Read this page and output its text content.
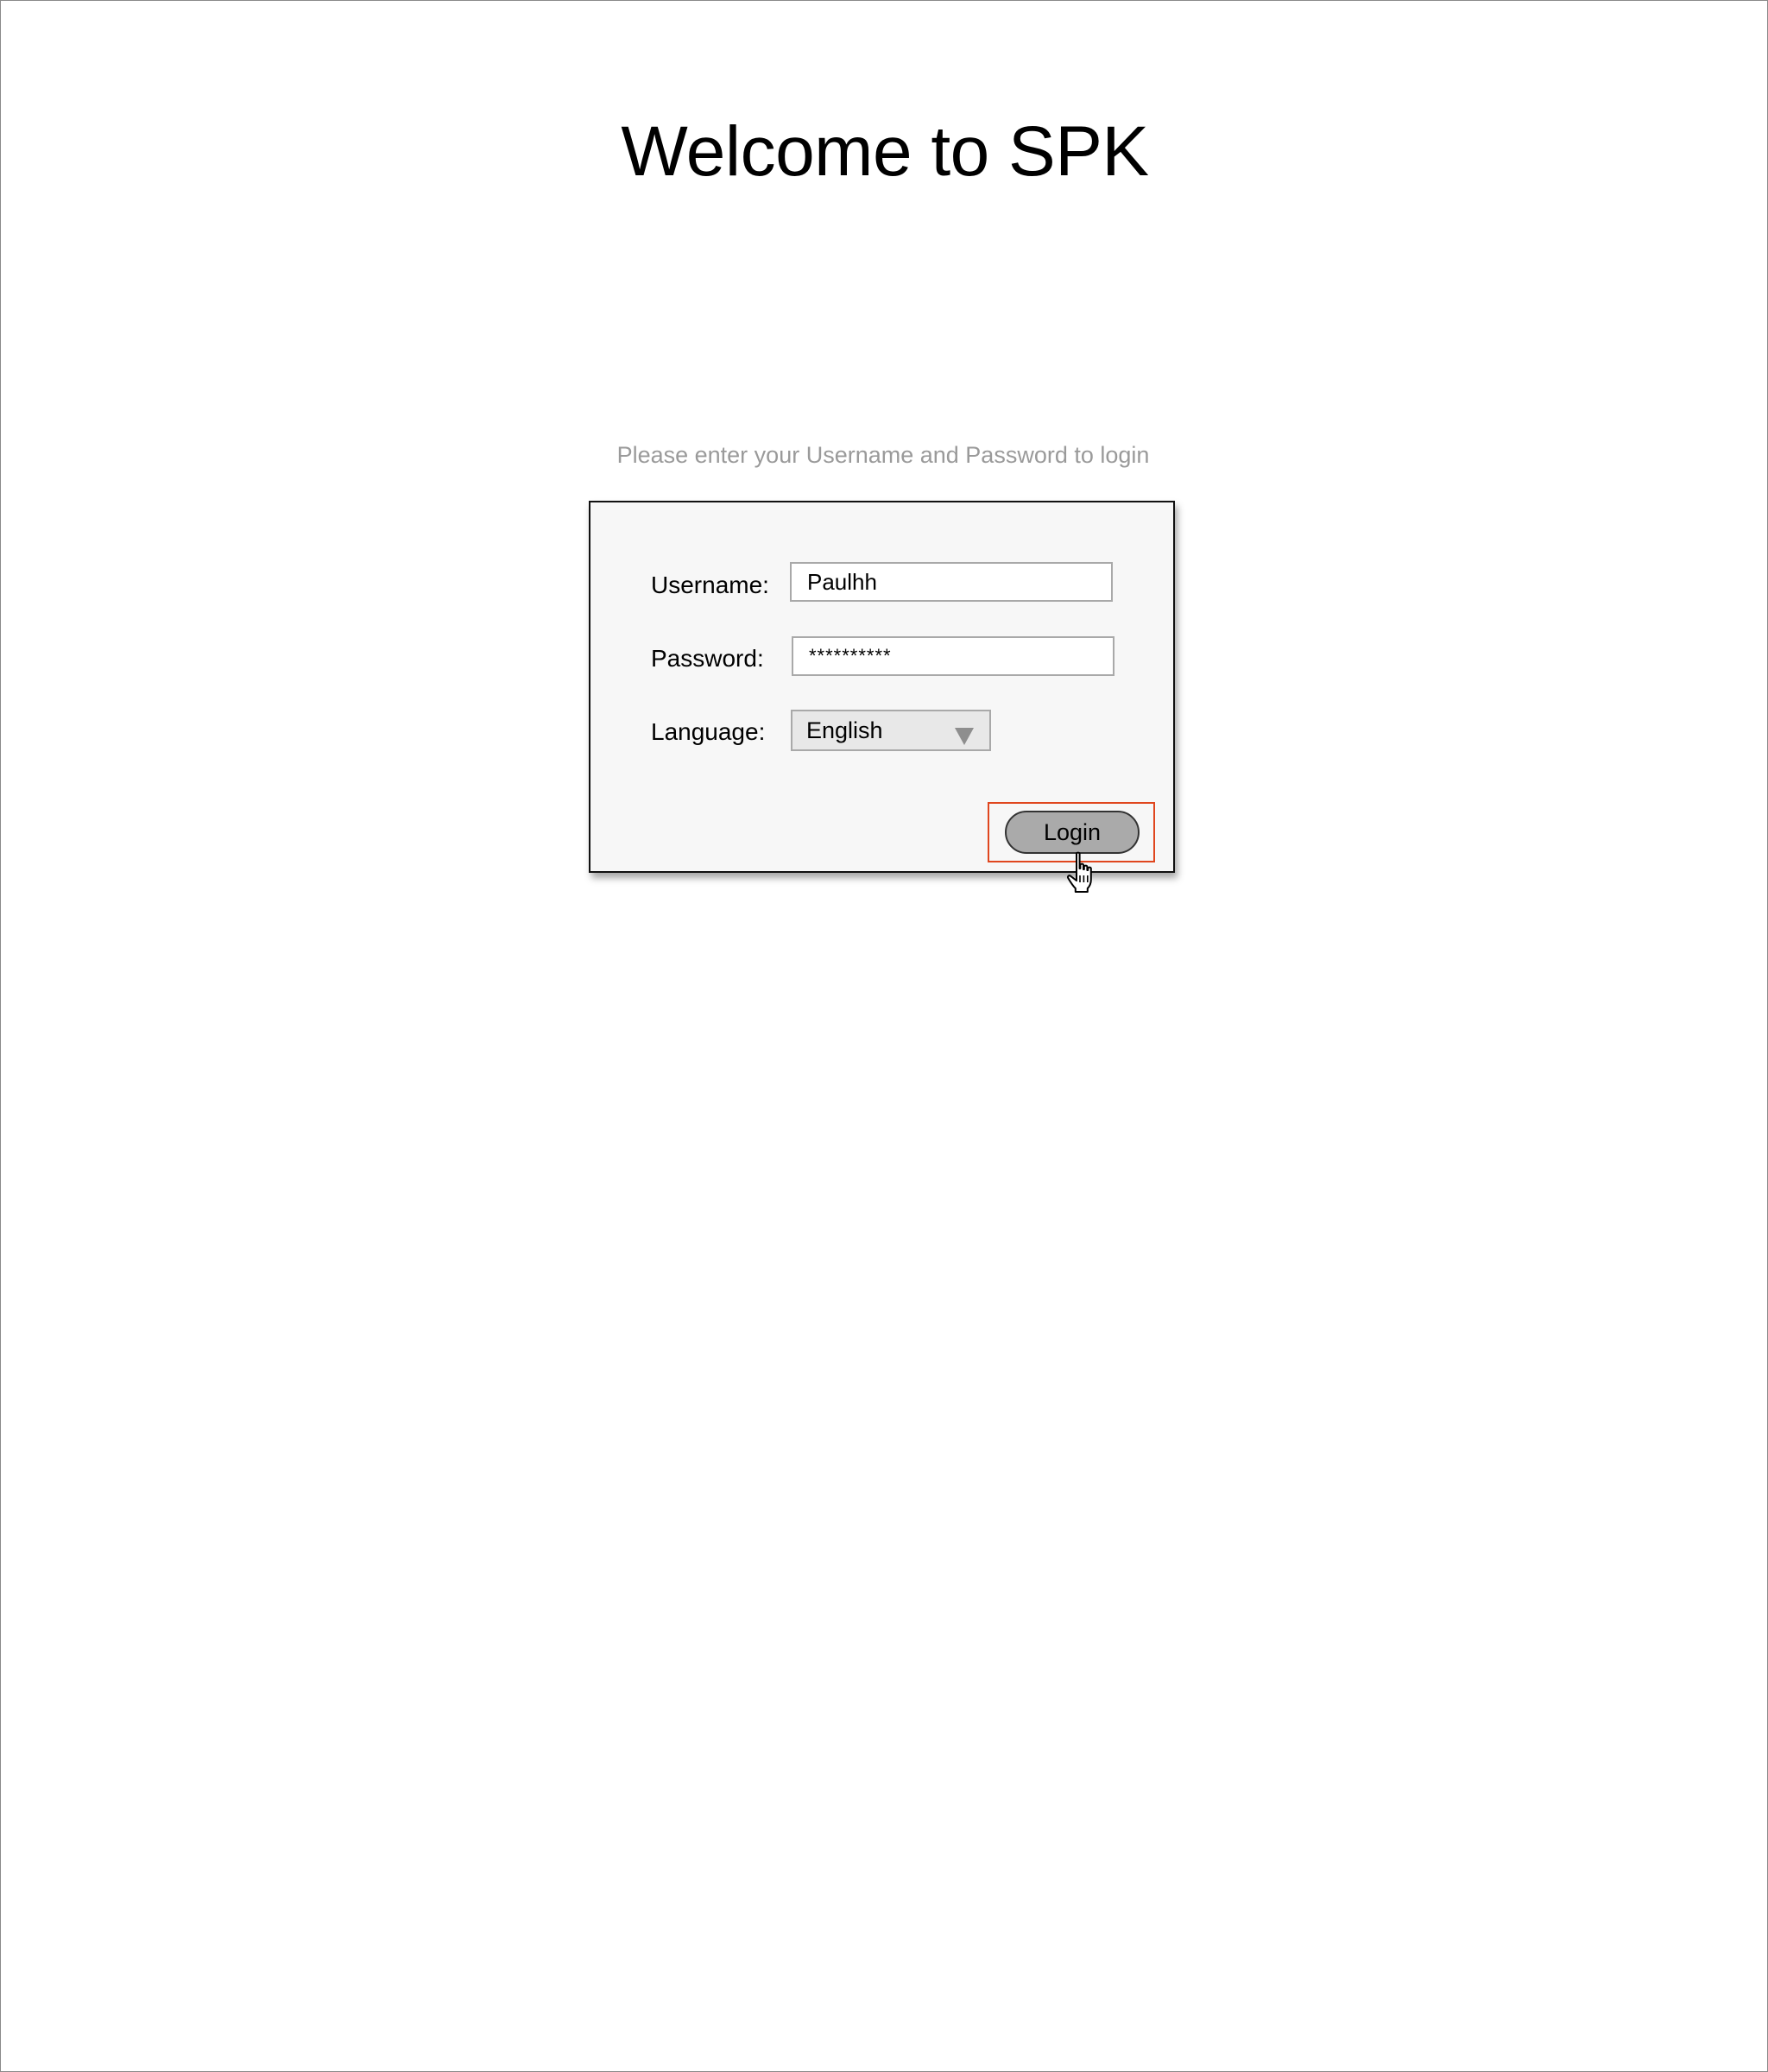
Welcome to SPK
Please enter your Username and Password to login
Username:
Paulhh
Password:
**********
Language: English
Login
